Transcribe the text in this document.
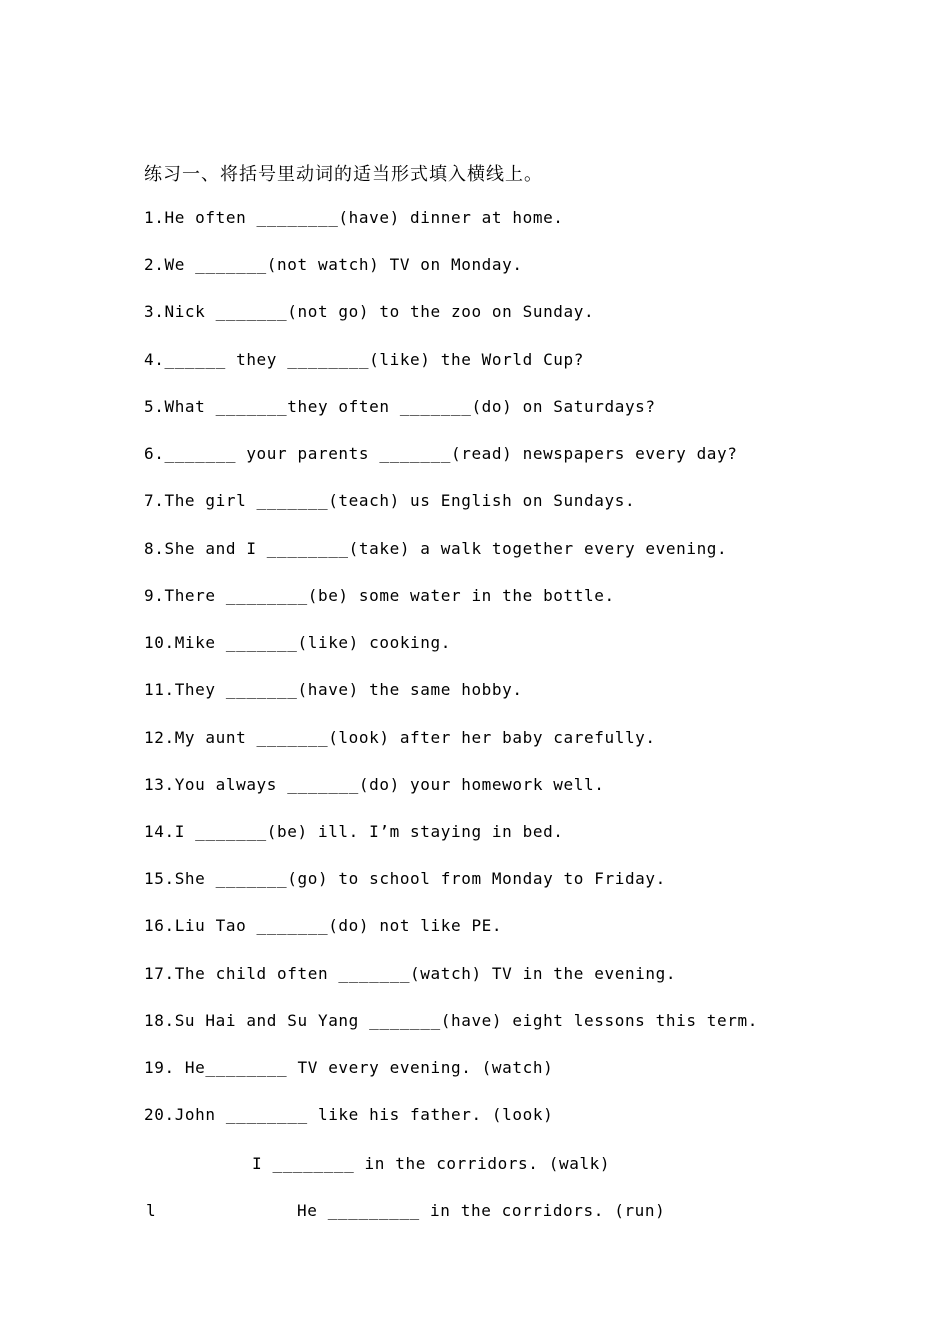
练习一、将括号里动词的适当形式填入横线上。
1.He often ________(have) dinner at home.
2.We _______(not watch) TV on Monday.
3.Nick _______(not go) to the zoo on Sunday.
4.______ they ________(like) the World Cup?
5.What _______they often _______(do) on Saturdays?
6._______ your parents _______(read) newspapers every day?
7.The girl _______(teach) us English on Sundays.
8.She and I ________(take) a walk together every evening.
9.There ________(be) some water in the bottle.
10.Mike _______(like) cooking.
11.They _______(have) the same hobby.
12.My aunt _______(look) after her baby carefully.
13.You always _______(do) your homework well.
14.I _______(be) ill. I’m staying in bed.
15.She _______(go) to school from Monday to Friday.
16.Liu Tao _______(do) not like PE.
17.The child often _______(watch) TV in the evening.
18.Su Hai and Su Yang _______(have) eight lessons this term.
19. He________ TV every evening. (watch)
20.John ________ like his father. (look)
I ________ in the corridors. (walk)
l	He _________ in the corridors. (run)
